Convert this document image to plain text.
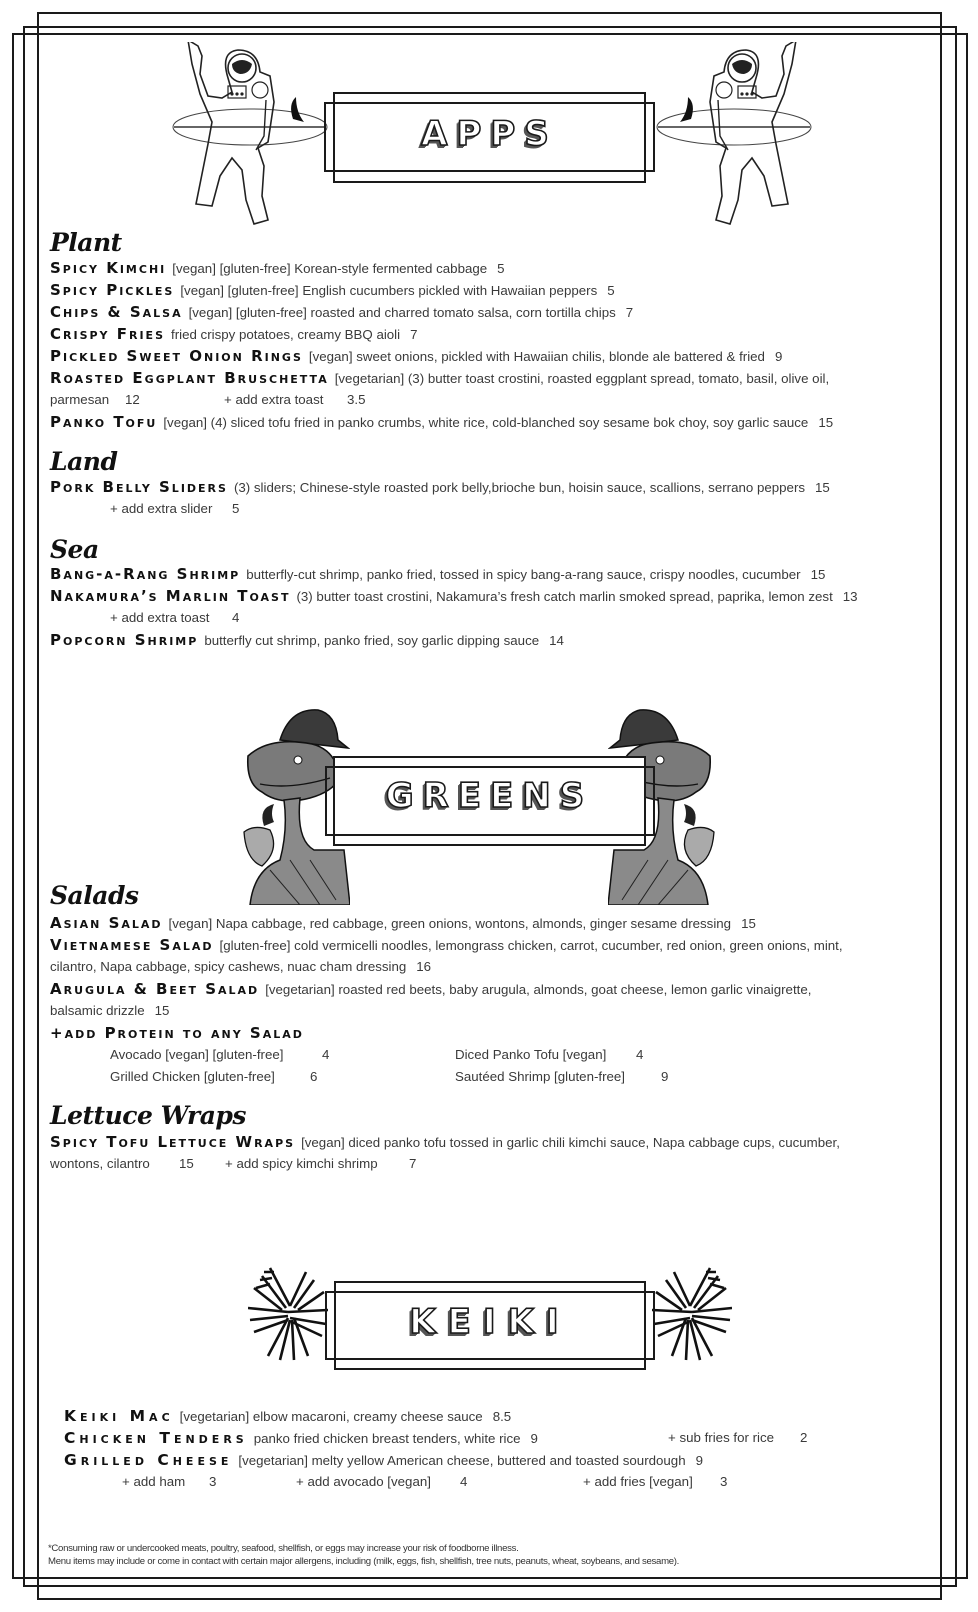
APPS
Plant
Spicy Kimchi [vegan] [gluten-free] Korean-style fermented cabbage 5
Spicy Pickles [vegan] [gluten-free] English cucumbers pickled with Hawaiian peppers 5
Chips & Salsa [vegan] [gluten-free] roasted and charred tomato salsa, corn tortilla chips 7
Crispy Fries fried crispy potatoes, creamy BBQ aioli 7
Pickled Sweet Onion Rings [vegan] sweet onions, pickled with Hawaiian chilis, blonde ale battered & fried 9
Roasted Eggplant Bruschetta [vegetarian] (3) butter toast crostini, roasted eggplant spread, tomato, basil, olive oil,
parmesan 12	+ add extra toast 3.5
Panko Tofu [vegan] (4) sliced tofu fried in panko crumbs, white rice, cold-blanched soy sesame bok choy, soy garlic sauce 15
Land
Pork Belly Sliders (3) sliders; Chinese-style roasted pork belly,brioche bun, hoisin sauce, scallions, serrano peppers 15
+ add extra slider 5
Sea
Bang-a-Rang Shrimp butterfly-cut shrimp, panko fried, tossed in spicy bang-a-rang sauce, crispy noodles, cucumber 15
Nakamura’s Marlin Toast (3) butter toast crostini, Nakamura’s fresh catch marlin smoked spread, paprika, lemon zest 13
+ add extra toast 4
Popcorn Shrimp butterfly cut shrimp, panko fried, soy garlic dipping sauce 14
GREENS
Salads
Asian Salad [vegan] Napa cabbage, red cabbage, green onions, wontons, almonds, ginger sesame dressing 15
Vietnamese Salad [gluten-free] cold vermicelli noodles, lemongrass chicken, carrot, cucumber, red onion, green onions, mint,
cilantro, Napa cabbage, spicy cashews, nuac cham dressing 16
Arugula & Beet Salad [vegetarian] roasted red beets, baby arugula, almonds, goat cheese, lemon garlic vinaigrette,
balsamic drizzle 15
+add Protein to any Salad
Avocado [vegan] [gluten-free]	4	Diced Panko Tofu [vegan] 4
Grilled Chicken [gluten-free]	6	Sautéed Shrimp [gluten-free]	9
Lettuce Wraps
Spicy Tofu Lettuce Wraps [vegan] diced panko tofu tossed in garlic chili kimchi sauce, Napa cabbage cups, cucumber,
wontons, cilantro 15 + add spicy kimchi shrimp 7
KEIKI
Keiki Mac [vegetarian] elbow macaroni, creamy cheese sauce 8.5
Chicken Tenders panko fried chicken breast tenders, white rice 9	+ sub fries for rice 2
Grilled Cheese [vegetarian] melty yellow American cheese, buttered and toasted sourdough 9
+ add ham 3	+ add avocado [vegan] 4	+ add fries [vegan] 3
*Consuming raw or undercooked meats, poultry, seafood, shellfish, or eggs may increase your risk of foodborne illness.
Menu items may include or come in contact with certain major allergens, including (milk, eggs, fish, shellfish, tree nuts, peanuts, wheat, soybeans, and sesame).
